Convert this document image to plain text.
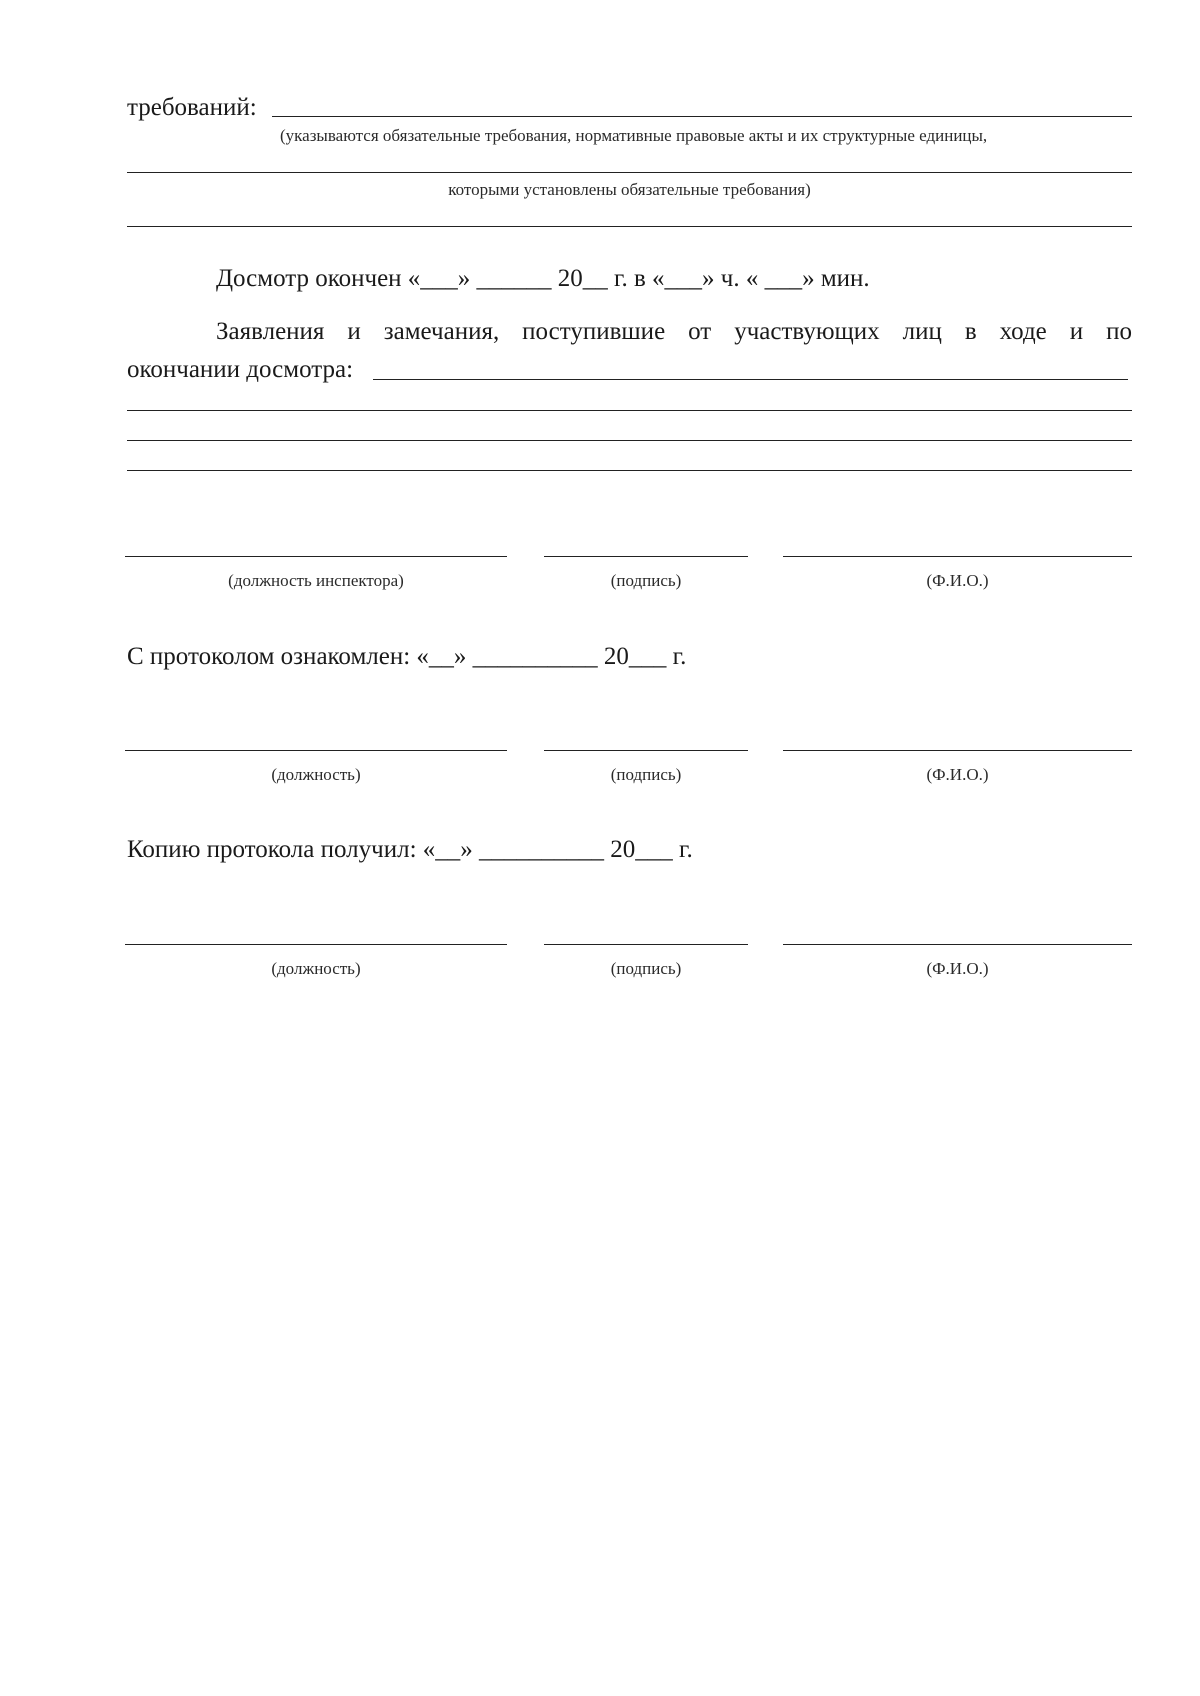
требований:
(указываются обязательные требования, нормативные правовые акты и их структурные единицы,
которыми установлены обязательные требования)
Досмотр окончен «___» ______ 20__ г. в «___» ч. « ___» мин.
Заявления и замечания, поступившие от участвующих лиц в ходе и по
окончании досмотра:
(должность инспектора)	(подпись)	(Ф.И.О.)
С протоколом ознакомлен: «__» __________ 20___ г.
(должность)	(подпись)	(Ф.И.О.)
Копию протокола получил: «__» __________ 20___ г.
(должность)	(подпись)	(Ф.И.О.)
